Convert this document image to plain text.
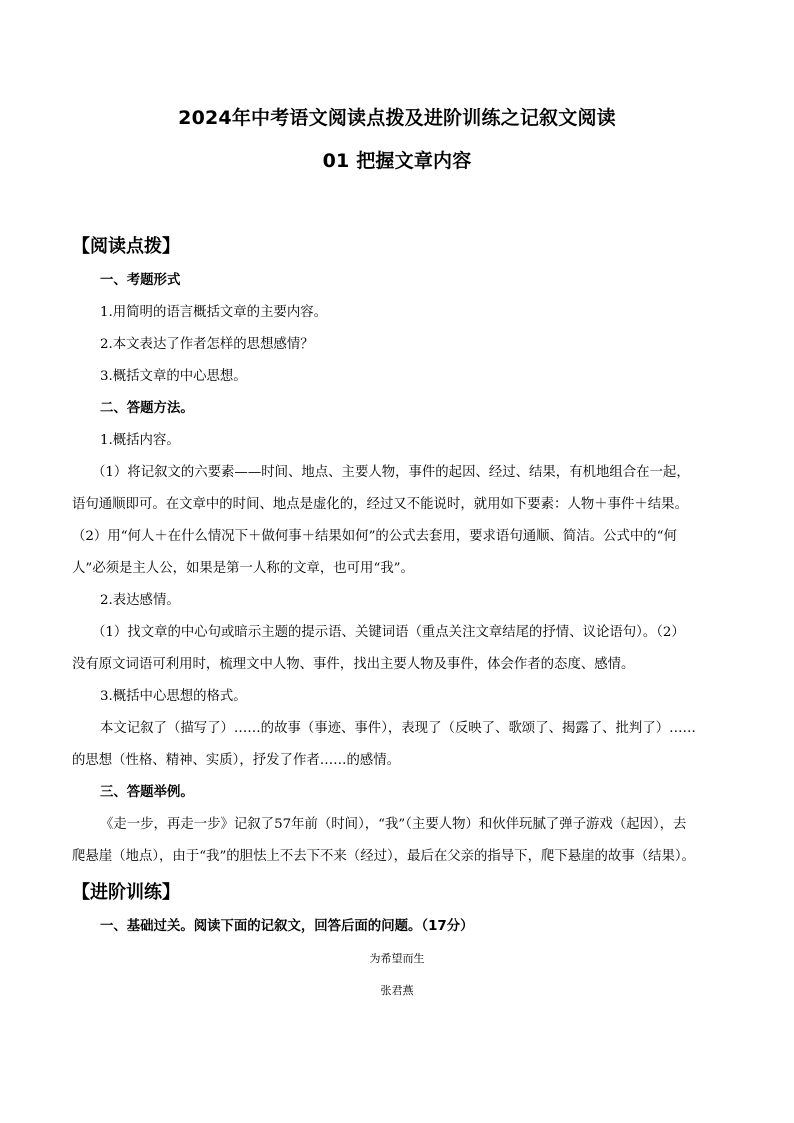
2024年中考语文阅读点拨及进阶训练之记叙文阅读
01 把握文章内容
【阅读点拨】
一、考题形式
1.用简明的语言概括文章的主要内容。
2.本文表达了作者怎样的思想感情？
3.概括文章的中心思想。
二、答题方法。
1.概括内容。
（1）将记叙文的六要素——时间、地点、主要人物，事件的起因、经过、结果，有机地组合在一起，
语句通顺即可。在文章中的时间、地点是虚化的，经过又不能说时，就用如下要素：人物＋事件＋结果。
（2）用“何人＋在什么情况下＋做何事＋结果如何”的公式去套用，要求语句通顺、简洁。公式中的“何
人”必须是主人公，如果是第一人称的文章，也可用“我”。
2.表达感情。
（1）找文章的中心句或暗示主题的提示语、关键词语（重点关注文章结尾的抒情、议论语句）。（2）
没有原文词语可利用时，梳理文中人物、事件，找出主要人物及事件，体会作者的态度、感情。
3.概括中心思想的格式。
本文记叙了（描写了）……的故事（事迹、事件），表现了（反映了、歌颂了、揭露了、批判了）……
的思想（性格、精神、实质），抒发了作者……的感情。
三、答题举例。
《走一步，再走一步》记叙了57年前（时间），“我”（主要人物）和伙伴玩腻了弹子游戏（起因），去
爬悬崖（地点），由于“我”的胆怯上不去下不来（经过），最后在父亲的指导下，爬下悬崖的故事（结果）。
【进阶训练】
一、基础过关。阅读下面的记叙文，回答后面的问题。（17分）
为希望而生
张君燕
